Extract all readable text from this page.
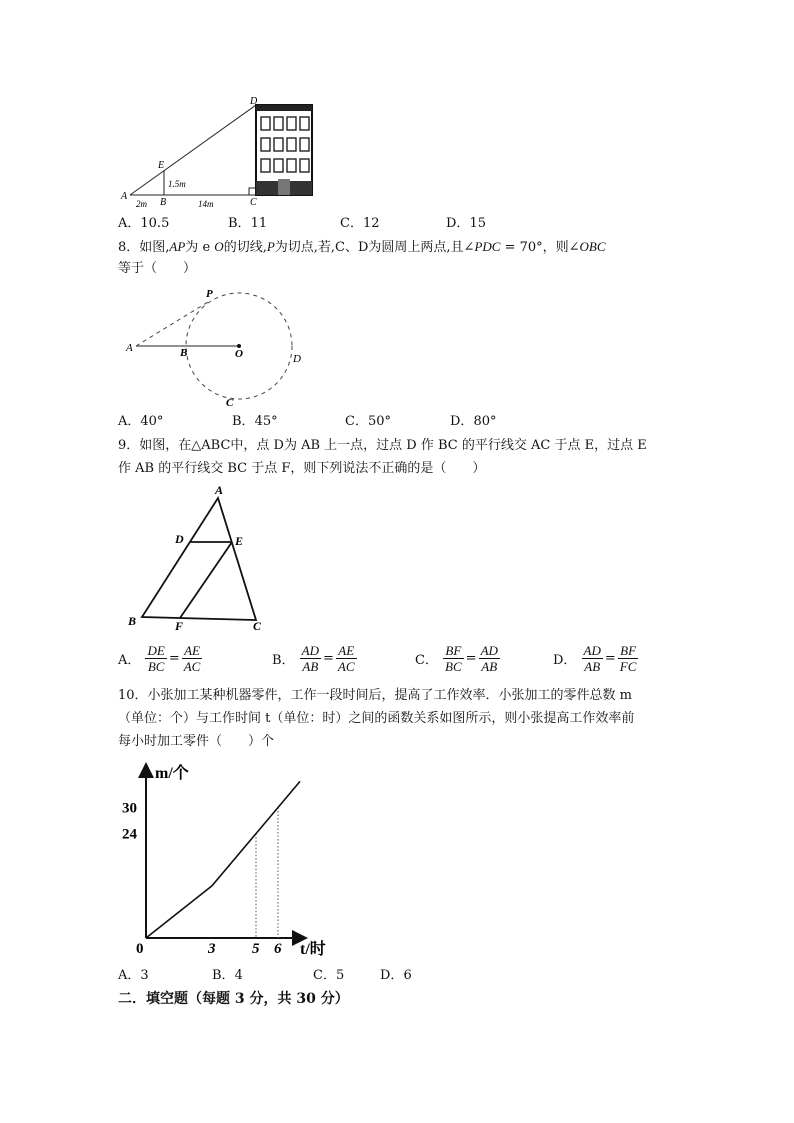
D
E
A
B	C
1.5m
2m	14m
A．10.5	B．11	C．12	D．15
8．如图,AP为 e O的切线,P为切点,若,C、D为圆周上两点,且∠PDC = 70°，则∠OBC
等于（　　）
P
A	B	O	D
C
A．40°	B．45°	C．50°	D．80°
9．如图，在△ABC中，点 D为 AB 上一点，过点 D 作 BC 的平行线交 AC 于点 E，过点 E
作 AB 的平行线交 BC 于点 F，则下列说法不正确的是（　　）
A
D	E
B	F	C
A． $\frac{DE}{BC} = \frac{AE}{AC}$	B． $\frac{AD}{AB} = \frac{AE}{AC}$	C． $\frac{BF}{BC} = \frac{AD}{AB}$	D． $\frac{AD}{AB} = \frac{BF}{FC}$
10．小张加工某种机器零件，工作一段时间后，提高了工作效率．小张加工的零件总数 m
（单位：个）与工作时间 t（单位：时）之间的函数关系如图所示，则小张提高工作效率前
每小时加工零件（　　）个
0	3 5 6
24
30
m/个
t/时
A．3	B．4	C．5	D．6
二．填空题（每题 3 分，共 30 分）
